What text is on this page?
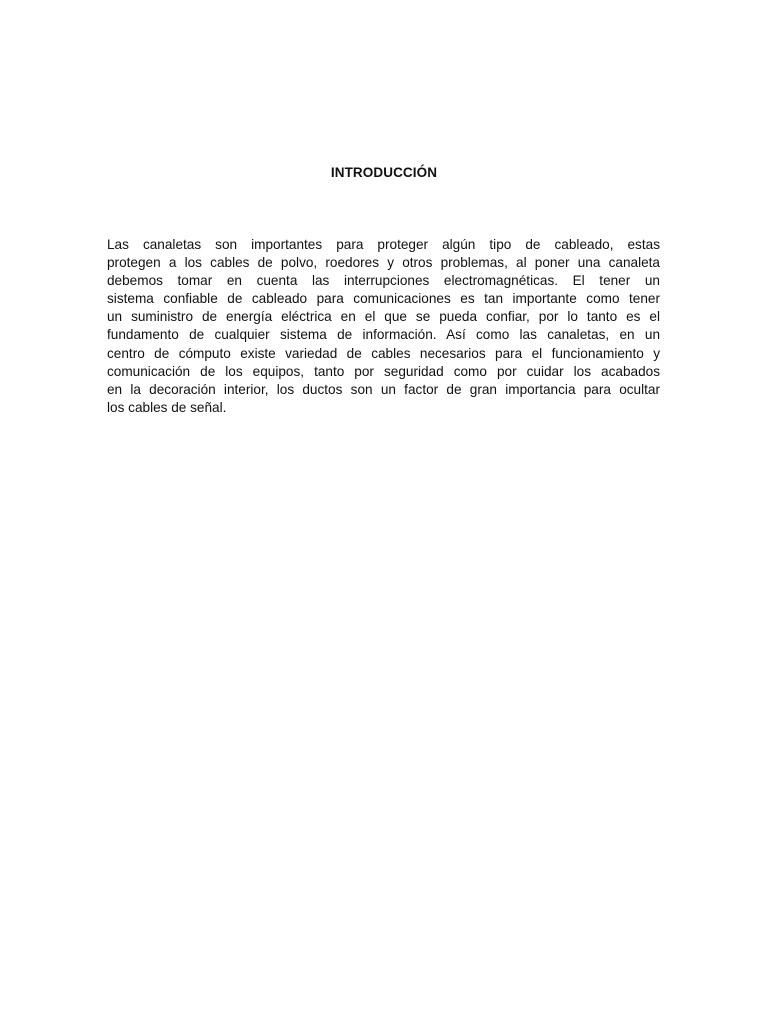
INTRODUCCIÓN
Las canaletas son importantes para proteger algún tipo de cableado, estas
protegen a los cables de polvo, roedores y otros problemas, al poner una canaleta
debemos tomar en cuenta las interrupciones electromagnéticas. El tener un
sistema confiable de cableado para comunicaciones es tan importante como tener
un suministro de energía eléctrica en el que se pueda confiar, por lo tanto es el
fundamento de cualquier sistema de información. Así como las canaletas, en un
centro de cómputo existe variedad de cables necesarios para el funcionamiento y
comunicación de los equipos, tanto por seguridad como por cuidar los acabados
en la decoración interior, los ductos son un factor de gran importancia para ocultar
los cables de señal.
